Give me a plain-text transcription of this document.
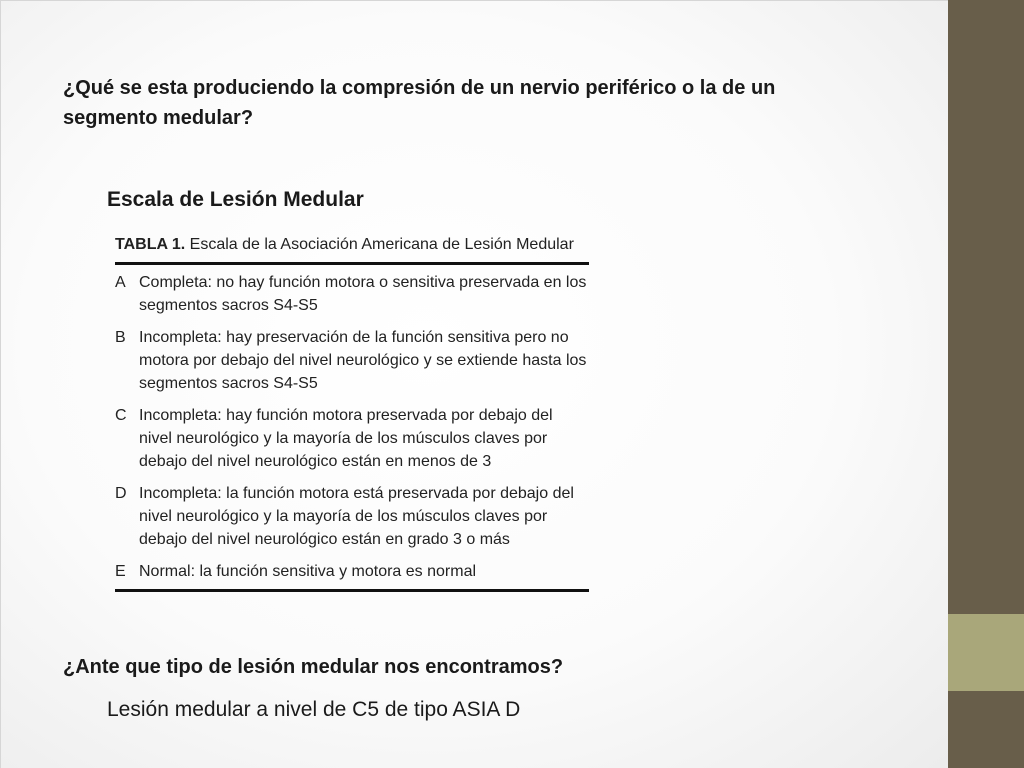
¿Qué se esta produciendo la compresión de un nervio periférico o la de un segmento medular?
Escala de Lesión Medular
TABLA 1. Escala de la Asociación Americana de Lesión Medular
A Completa: no hay función motora o sensitiva preservada en los segmentos sacros S4-S5
B Incompleta: hay preservación de la función sensitiva pero no motora por debajo del nivel neurológico y se extiende hasta los segmentos sacros S4-S5
C Incompleta: hay función motora preservada por debajo del nivel neurológico y la mayoría de los músculos claves por debajo del nivel neurológico están en menos de 3
D Incompleta: la función motora está preservada por debajo del nivel neurológico y la mayoría de los músculos claves por debajo del nivel neurológico están en grado 3 o más
E Normal: la función sensitiva y motora es normal
¿Ante que tipo de lesión medular nos encontramos?
Lesión medular a nivel de C5 de tipo ASIA D
